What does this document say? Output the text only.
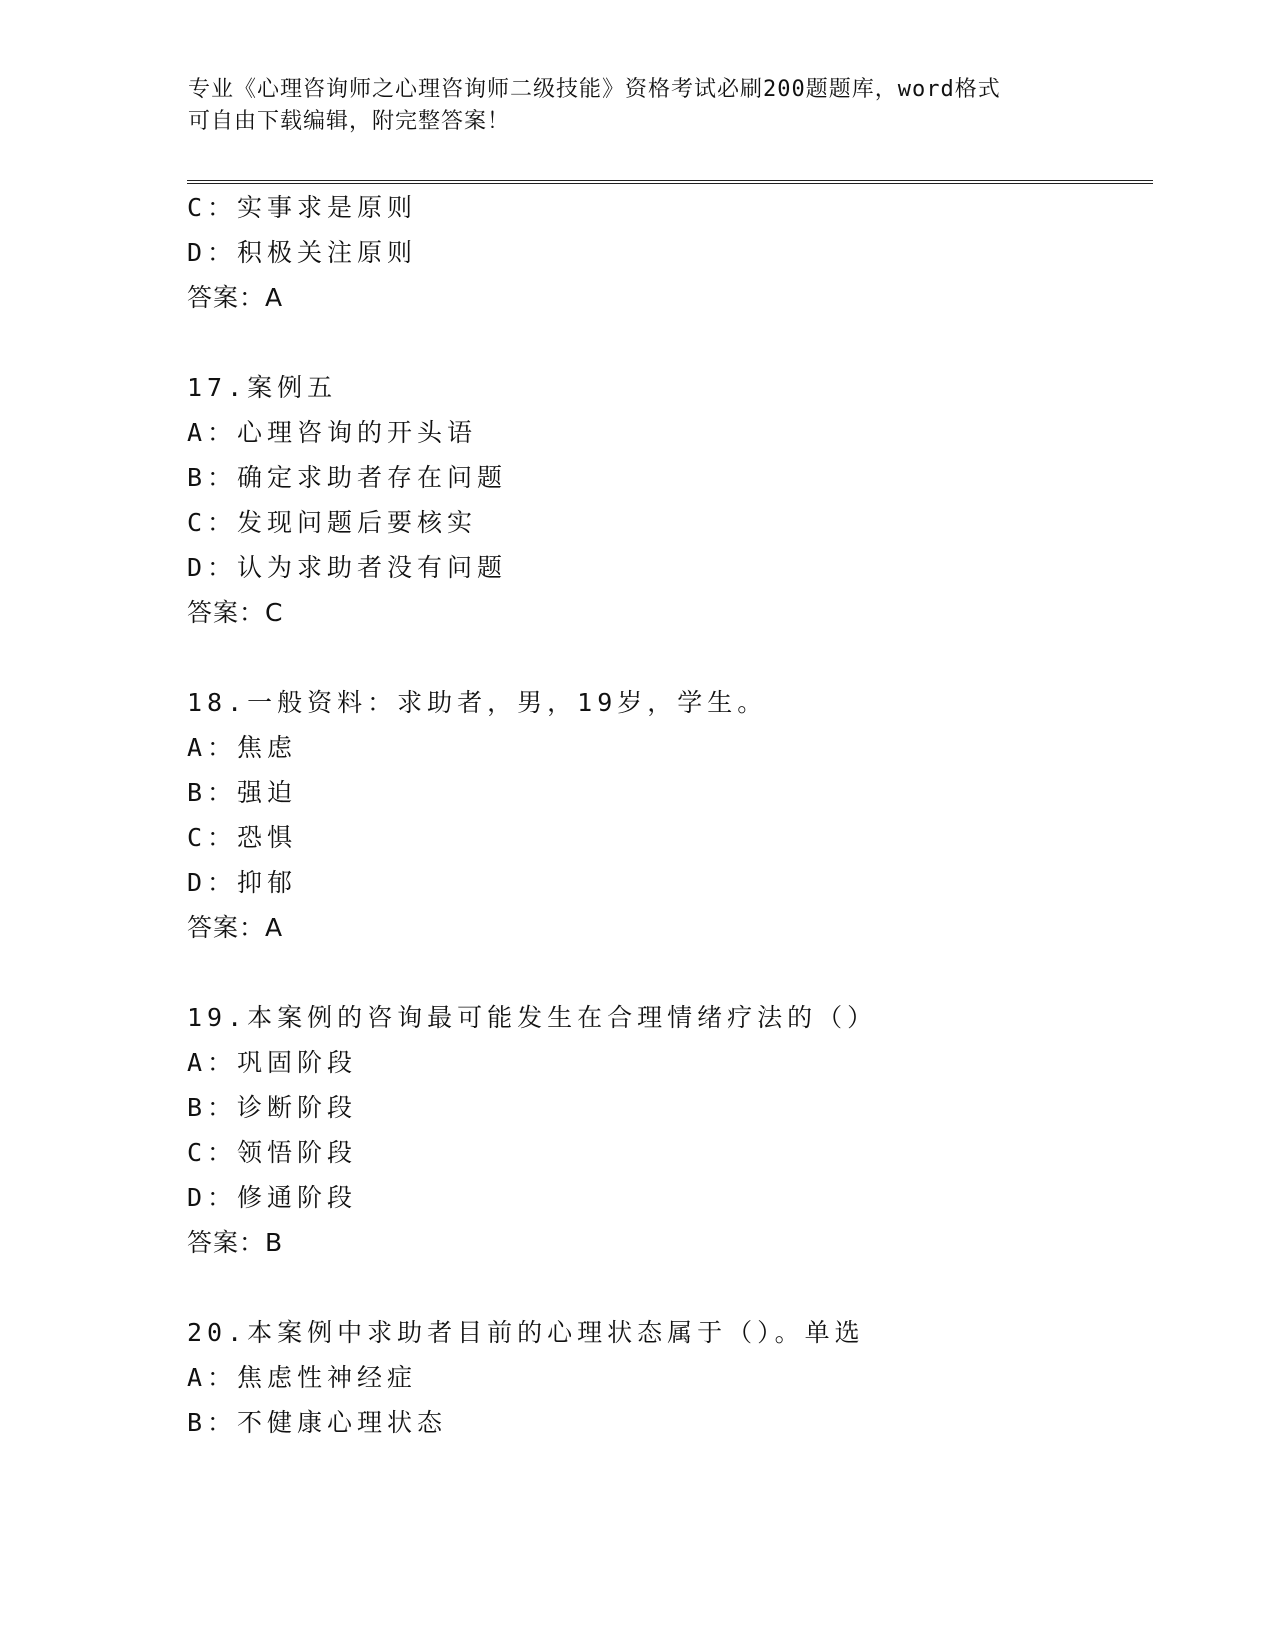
专业《心理咨询师之心理咨询师二级技能》资格考试必刷200题题库，word格式
可自由下载编辑，附完整答案！
C：实事求是原则
D：积极关注原则
答案：A
17.案例五
A：心理咨询的开头语
B：确定求助者存在问题
C：发现问题后要核实
D：认为求助者没有问题
答案：C
18.一般资料：求助者，男，19岁，学生。
A：焦虑
B：强迫
C：恐惧
D：抑郁
答案：A
19.本案例的咨询最可能发生在合理情绪疗法的（）
A：巩固阶段
B：诊断阶段
C：领悟阶段
D：修通阶段
答案：B
20.本案例中求助者目前的心理状态属于（）。单选
A：焦虑性神经症
B：不健康心理状态
